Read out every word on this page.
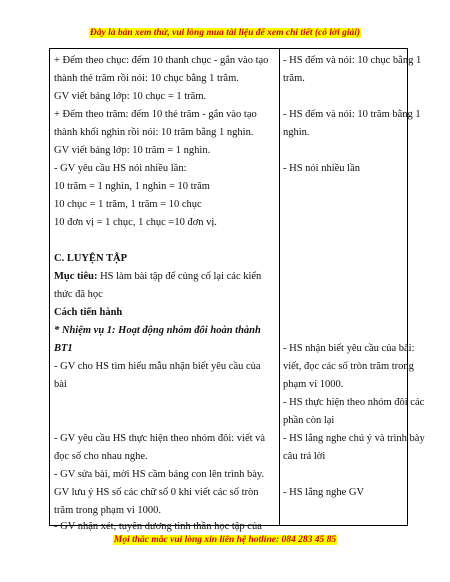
Đây là bản xem thử, vui lòng mua tài liệu để xem chi tiết (có lời giải)
+ Đếm theo chục: đếm 10 thanh chục - gắn vào tạo
thành thẻ trăm rồi nói: 10 chục bằng 1 trăm.
GV viết bảng lớp: 10 chục = 1 trăm.
+ Đếm theo trăm: đếm 10 thẻ trăm - gắn vào tạo
thành khối nghìn rồi nói: 10 trăm bằng 1 nghìn.
GV viết bảng lớp: 10 trăm = 1 nghìn.
- GV yêu cầu HS nói nhiều lần:
10 trăm = 1 nghìn, 1 nghìn = 10 trăm
10 chục = 1 trăm, 1 trăm = 10 chục
10 đơn vị = 1 chục, 1 chục =10 đơn vị.
C. LUYỆN TẬP
Mục tiêu: HS làm bài tập để củng cố lại các kiến
thức đã học
Cách tiến hành
* Nhiệm vụ 1: Hoạt động nhóm đôi hoàn thành
BT1
- GV cho HS tìm hiểu mẫu nhận biết yêu cầu của
bài
- GV yêu cầu HS thực hiện theo nhóm đôi: viết và
đọc số cho nhau nghe.
- GV sửa bài, mời HS cầm bảng con lên trình bày.
GV lưu ý HS số các chữ số 0 khi viết các số tròn
trăm trong phạm vi 1000.
- GV nhận xét, tuyên dương tinh thần học tập của
- HS đếm và nói: 10 chục bằng 1
trăm.
- HS đếm và nói: 10 trăm bằng 1
nghìn.
- HS nói nhiều lần
- HS nhận biết yêu cầu của bài:
viết, đọc các số tròn trăm trong
phạm vi 1000.
- HS thực hiện theo nhóm đôi các
phần còn lại
- HS lắng nghe chú ý và trình bày
câu trả lời
- HS lắng nghe GV
Mọi thắc mắc vui lòng xin liên hệ hotline: 084 283 45 85
